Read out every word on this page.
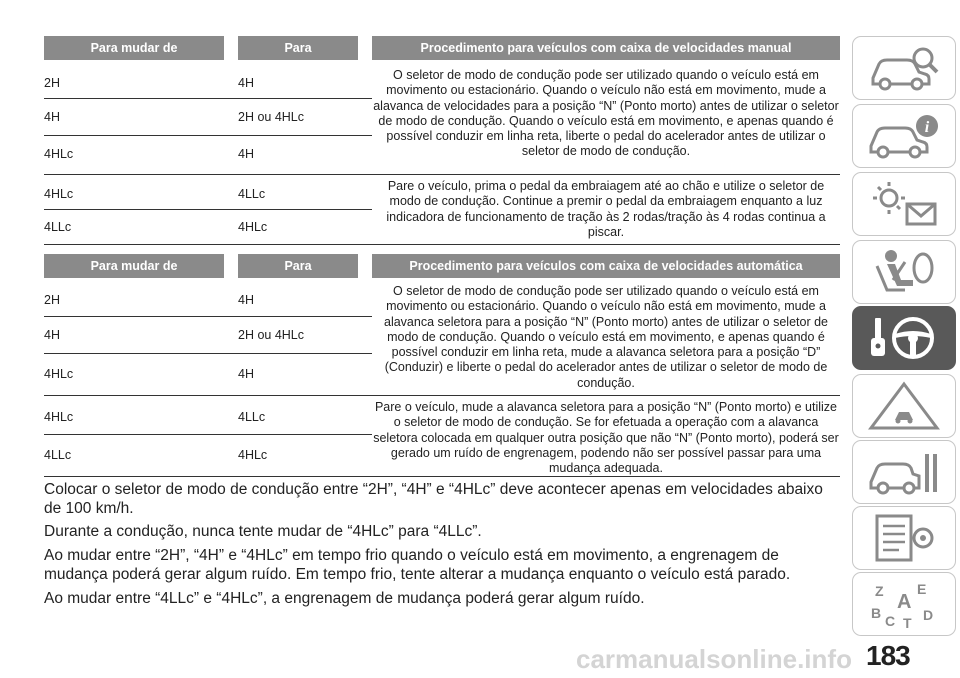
Para mudar de	Para	Procedimento para veículos com caixa de velocidades manual
2H	4H
4H	2H ou 4HLc
4HLc	4H
O seletor de modo de condução pode ser utilizado quando o veículo está em movimento ou estacionário. Quando o veículo não está em movimento, mude a alavanca de velocidades para a posição “N” (Ponto morto) antes de utilizar o seletor de modo de condução. Quando o veículo está em movimento, e apenas quando é possível conduzir em linha reta, liberte o pedal do acelerador antes de utilizar o seletor de modo de condução.
4HLc	4LLc
4LLc	4HLc
Pare o veículo, prima o pedal da embraiagem até ao chão e utilize o seletor de modo de condução. Continue a premir o pedal da embraiagem enquanto a luz indicadora de funcionamento de tração às 2 rodas/tração às 4 rodas continua a piscar.
Para mudar de	Para	Procedimento para veículos com caixa de velocidades automática
2H	4H
4H	2H ou 4HLc
4HLc	4H
O seletor de modo de condução pode ser utilizado quando o veículo está em movimento ou estacionário. Quando o veículo não está em movimento, mude a alavanca seletora para a posição “N” (Ponto morto) antes de utilizar o seletor de modo de condução. Quando o veículo está em movimento, e apenas quando é possível conduzir em linha reta, mude a alavanca seletora para a posição “D” (Conduzir) e liberte o pedal do acelerador antes de utilizar o seletor de modo de condução.
4HLc	4LLc
4LLc	4HLc
Pare o veículo, mude a alavanca seletora para a posição “N” (Ponto morto) e utilize o seletor de modo de condução. Se for efetuada a operação com a alavanca seletora colocada em qualquer outra posição que não “N” (Ponto morto), poderá ser gerado um ruído de engrenagem, podendo não ser possível passar para uma mudança adequada.

Colocar o seletor de modo de condução entre “2H”, “4H” e “4HLc” deve acontecer apenas em velocidades abaixo de 100 km/h.

Durante a condução, nunca tente mudar de “4HLc” para “4LLc”.

Ao mudar entre “2H”, “4H” e “4HLc” em tempo frio quando o veículo está em movimento, a engrenagem de mudança poderá gerar algum ruído. Em tempo frio, tente alterar a mudança enquanto o veículo está parado.

Ao mudar entre “4LLc” e “4HLc”, a engrenagem de mudança poderá gerar algum ruído.

i
Z E
A
B C T D
carmanualsonline.info 183
